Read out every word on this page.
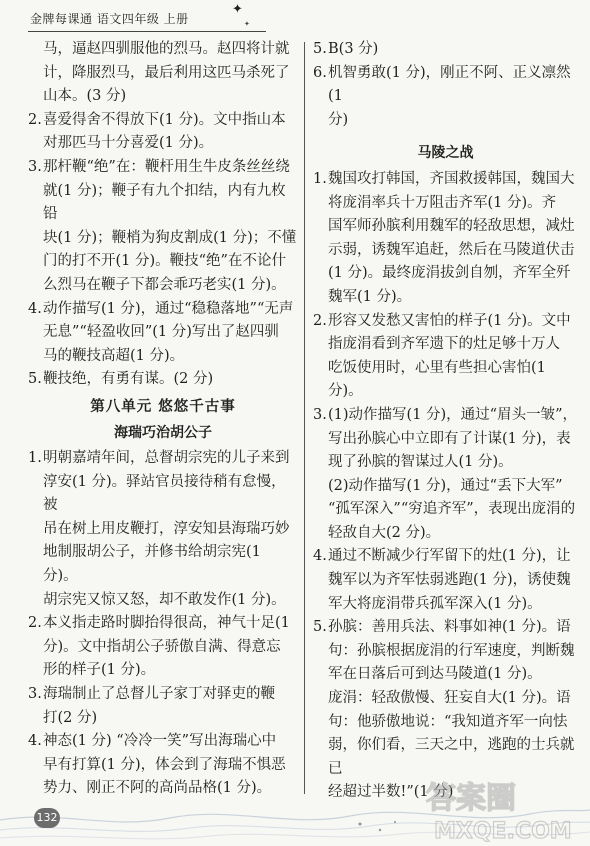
金牌每课通 语文四年级 上册
✦
✦
马，逼赵四驯服他的烈马。赵四将计就
计，降服烈马，最后利用这匹马杀死了
山本。(3 分)
2. 喜爱得舍不得放下(1 分)。文中指山本
对那匹马十分喜爱(1 分)。
3. 那杆鞭“绝”在：鞭杆用生牛皮条丝丝绕
就(1 分)；鞭子有九个扣结，内有九枚铅
块(1 分)；鞭梢为狗皮割成(1 分)；不懂
门的打不开(1 分)。鞭技“绝”在不论什
么烈马在鞭子下都会乖巧老实(1 分)。
4. 动作描写(1 分)，通过“稳稳落地”“无声
无息”“轻盈收回”(1 分)写出了赵四驯
马的鞭技高超(1 分)。
5. 鞭技绝，有勇有谋。(2 分)
第八单元 悠悠千古事
海瑞巧治胡公子
1. 明朝嘉靖年间，总督胡宗宪的儿子来到
淳安(1 分)。驿站官员接待稍有怠慢，被
吊在树上用皮鞭打，淳安知县海瑞巧妙
地制服胡公子，并修书给胡宗宪(1 分)。
胡宗宪又惊又怒，却不敢发作(1 分)。
2. 本义指走路时脚抬得很高，神气十足(1
分)。文中指胡公子骄傲自满、得意忘
形的样子(1 分)。
3. 海瑞制止了总督儿子家丁对驿吏的鞭
打(2 分)
4. 神态(1 分) “冷冷一笑”写出海瑞心中
早有打算(1 分)，体会到了海瑞不惧恶
势力、刚正不阿的高尚品格(1 分)。
5. B(3 分)
6. 机智勇敢(1 分)，刚正不阿、正义凛然(1
分)
马陵之战
1. 魏国攻打韩国，齐国救援韩国，魏国大
将庞涓率兵十万阻击齐军(1 分)。齐
国军师孙膑利用魏军的轻敌思想，减灶
示弱，诱魏军追赶，然后在马陵道伏击
(1 分)。最终庞涓拔剑自刎，齐军全歼
魏军(1 分)。
2. 形容又发愁又害怕的样子(1 分)。文中
指庞涓看到齐军遗下的灶足够十万人
吃饭使用时，心里有些担心害怕(1 分)。
3. (1)动作描写(1 分)，通过“眉头一皱”，
写出孙膑心中立即有了计谋(1 分)，表
现了孙膑的智谋过人(1 分)。
(2)动作描写(1 分)，通过“丢下大军”
“孤军深入”“穷追齐军”，表现出庞涓的
轻敌自大(2 分)。
4. 通过不断减少行军留下的灶(1 分)，让
魏军以为齐军怯弱逃跑(1 分)，诱使魏
军大将庞涓带兵孤军深入(1 分)。
5. 孙膑：善用兵法、料事如神(1 分)。语
句：孙膑根据庞涓的行军速度，判断魏
军在日落后可到达马陵道(1 分)。
庞涓：轻敌傲慢、狂妄自大(1 分)。语
句：他骄傲地说：“我知道齐军一向怯
弱，你们看，三天之中，逃跑的士兵就已
经超过半数!”(1 分)
答案圈
MXQE.COM
132
